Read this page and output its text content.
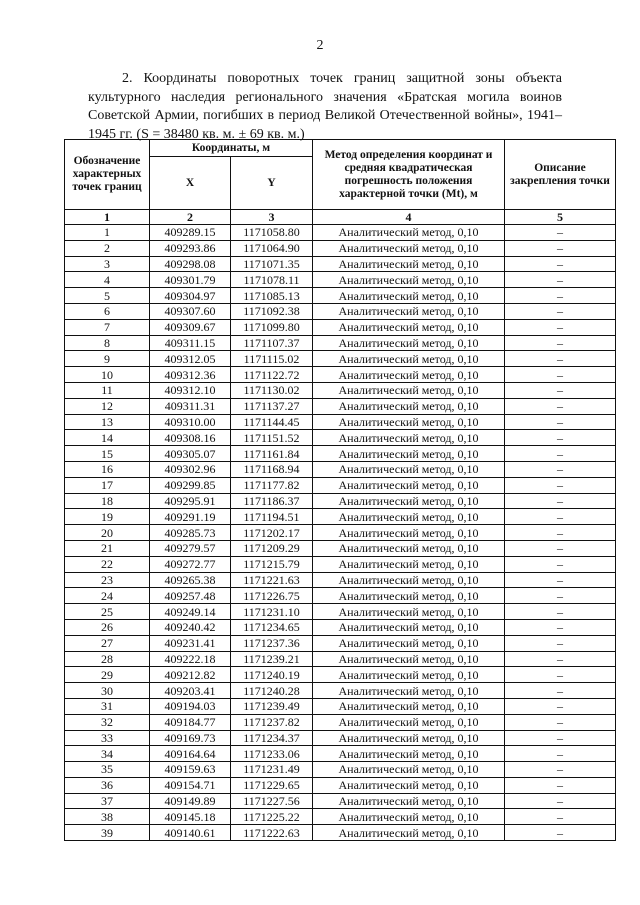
2
2. Координаты поворотных точек границ защитной зоны объекта культурного наследия регионального значения «Братская могила воинов Советской Армии, погибших в период Великой Отечественной войны», 1941–1945 гг. (S = 38480 кв. м. ± 69 кв. м.)
Обозначение характерных точек границ	Координаты, м		Метод определения координат и средняя квадратическая погрешность положения характерной точки (Mt), м	Описание закрепления точки
	X	Y		
1	2	3	4	5
1	409289.15	1171058.80	Аналитический метод, 0,10	–
2	409293.86	1171064.90	Аналитический метод, 0,10	–
3	409298.08	1171071.35	Аналитический метод, 0,10	–
4	409301.79	1171078.11	Аналитический метод, 0,10	–
5	409304.97	1171085.13	Аналитический метод, 0,10	–
6	409307.60	1171092.38	Аналитический метод, 0,10	–
7	409309.67	1171099.80	Аналитический метод, 0,10	–
8	409311.15	1171107.37	Аналитический метод, 0,10	–
9	409312.05	1171115.02	Аналитический метод, 0,10	–
10	409312.36	1171122.72	Аналитический метод, 0,10	–
11	409312.10	1171130.02	Аналитический метод, 0,10	–
12	409311.31	1171137.27	Аналитический метод, 0,10	–
13	409310.00	1171144.45	Аналитический метод, 0,10	–
14	409308.16	1171151.52	Аналитический метод, 0,10	–
15	409305.07	1171161.84	Аналитический метод, 0,10	–
16	409302.96	1171168.94	Аналитический метод, 0,10	–
17	409299.85	1171177.82	Аналитический метод, 0,10	–
18	409295.91	1171186.37	Аналитический метод, 0,10	–
19	409291.19	1171194.51	Аналитический метод, 0,10	–
20	409285.73	1171202.17	Аналитический метод, 0,10	–
21	409279.57	1171209.29	Аналитический метод, 0,10	–
22	409272.77	1171215.79	Аналитический метод, 0,10	–
23	409265.38	1171221.63	Аналитический метод, 0,10	–
24	409257.48	1171226.75	Аналитический метод, 0,10	–
25	409249.14	1171231.10	Аналитический метод, 0,10	–
26	409240.42	1171234.65	Аналитический метод, 0,10	–
27	409231.41	1171237.36	Аналитический метод, 0,10	–
28	409222.18	1171239.21	Аналитический метод, 0,10	–
29	409212.82	1171240.19	Аналитический метод, 0,10	–
30	409203.41	1171240.28	Аналитический метод, 0,10	–
31	409194.03	1171239.49	Аналитический метод, 0,10	–
32	409184.77	1171237.82	Аналитический метод, 0,10	–
33	409169.73	1171234.37	Аналитический метод, 0,10	–
34	409164.64	1171233.06	Аналитический метод, 0,10	–
35	409159.63	1171231.49	Аналитический метод, 0,10	–
36	409154.71	1171229.65	Аналитический метод, 0,10	–
37	409149.89	1171227.56	Аналитический метод, 0,10	–
38	409145.18	1171225.22	Аналитический метод, 0,10	–
39	409140.61	1171222.63	Аналитический метод, 0,10	–
